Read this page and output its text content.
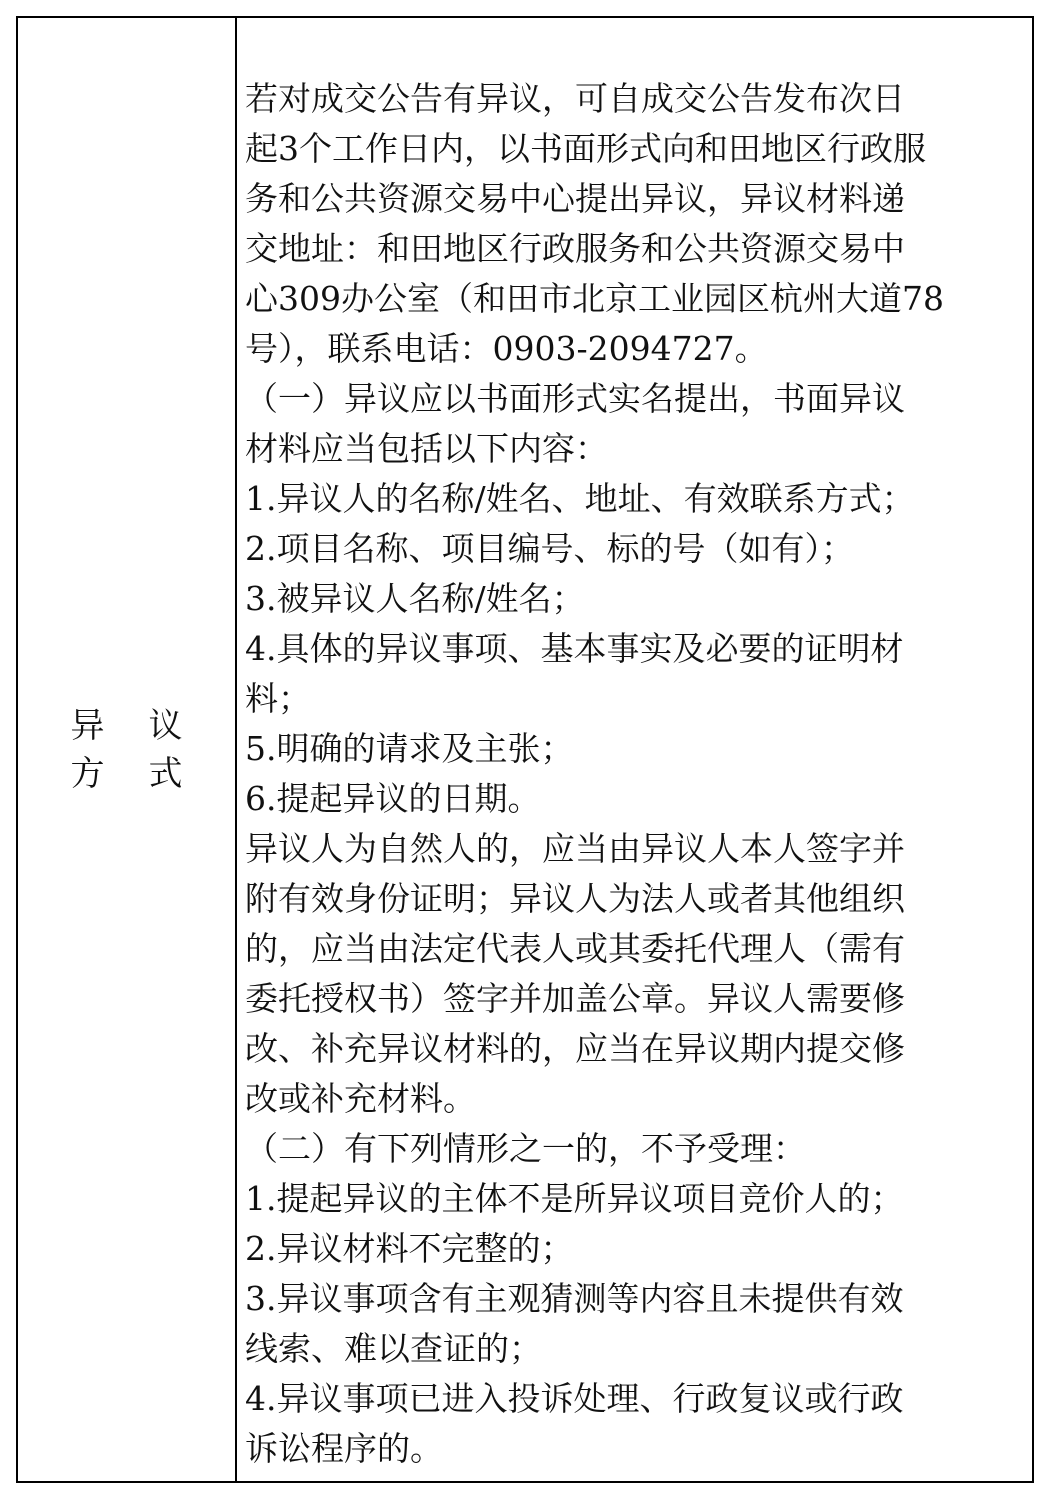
异议
方式
若对成交公告有异议，可自成交公告发布次日
起3个工作日内，以书面形式向和田地区行政服
务和公共资源交易中心提出异议，异议材料递
交地址：和田地区行政服务和公共资源交易中
心309办公室（和田市北京工业园区杭州大道78
号），联系电话：0903-2094727。
（一）异议应以书面形式实名提出，书面异议
材料应当包括以下内容：
1.异议人的名称/姓名、地址、有效联系方式；
2.项目名称、项目编号、标的号（如有）；
3.被异议人名称/姓名；
4.具体的异议事项、基本事实及必要的证明材
料；
5.明确的请求及主张；
6.提起异议的日期。
异议人为自然人的，应当由异议人本人签字并
附有效身份证明；异议人为法人或者其他组织
的，应当由法定代表人或其委托代理人（需有
委托授权书）签字并加盖公章。异议人需要修
改、补充异议材料的，应当在异议期内提交修
改或补充材料。
（二）有下列情形之一的，不予受理：
1.提起异议的主体不是所异议项目竞价人的；
2.异议材料不完整的；
3.异议事项含有主观猜测等内容且未提供有效
线索、难以查证的；
4.异议事项已进入投诉处理、行政复议或行政
诉讼程序的。
